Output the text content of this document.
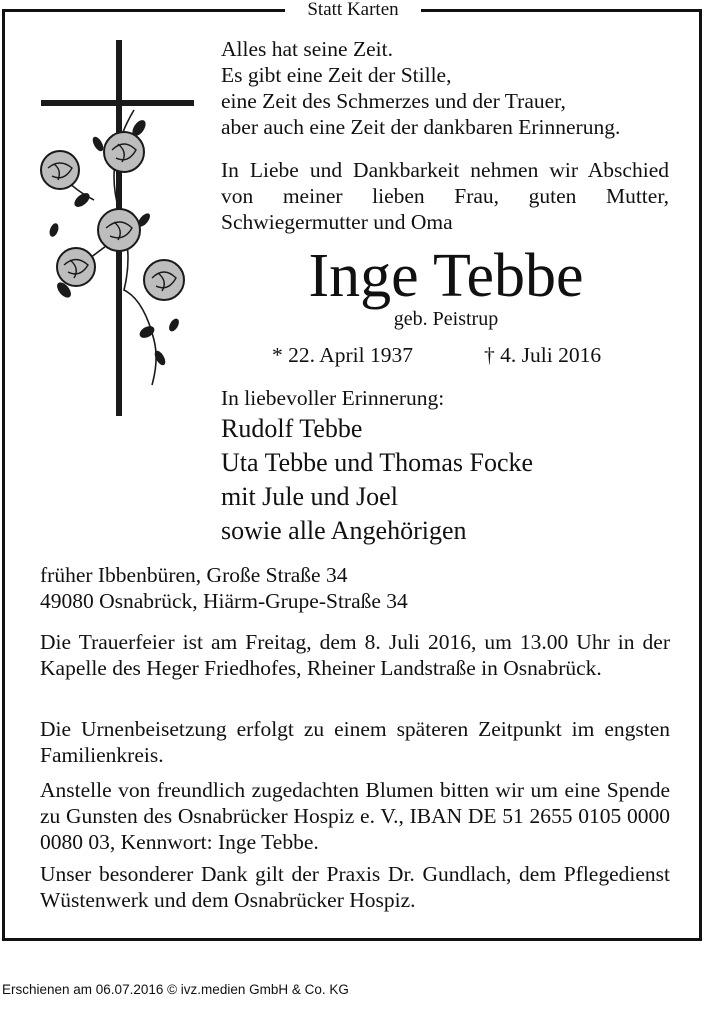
Statt Karten
Alles hat seine Zeit.
Es gibt eine Zeit der Stille,
eine Zeit des Schmerzes und der Trauer,
aber auch eine Zeit der dankbaren Erinnerung.

In Liebe und Dankbarkeit nehmen wir Abschied von meiner lieben Frau, guten Mutter, Schwiegermutter und Oma

Inge Tebbe
geb. Peistrup
* 22. April 1937	† 4. Juli 2016
In liebevoller Erinnerung:
Rudolf Tebbe
Uta Tebbe und Thomas Focke
mit Jule und Joel
sowie alle Angehörigen
früher Ibbenbüren, Große Straße 34
49080 Osnabrück, Hiärm-Grupe-Straße 34

Die Trauerfeier ist am Freitag, dem 8. Juli 2016, um 13.00 Uhr in der Kapelle des Heger Friedhofes, Rheiner Landstraße in Osnabrück.

Die Urnenbeisetzung erfolgt zu einem späteren Zeitpunkt im engsten Familienkreis.

Anstelle von freundlich zugedachten Blumen bitten wir um eine Spende zu Gunsten des Osnabrücker Hospiz e. V., IBAN DE 51 2655 0105 0000 0080 03, Kennwort: Inge Tebbe.

Unser besonderer Dank gilt der Praxis Dr. Gundlach, dem Pflegedienst Wüstenwerk und dem Osnabrücker Hospiz.

Erschienen am 06.07.2016 © ivz.medien GmbH & Co. KG
